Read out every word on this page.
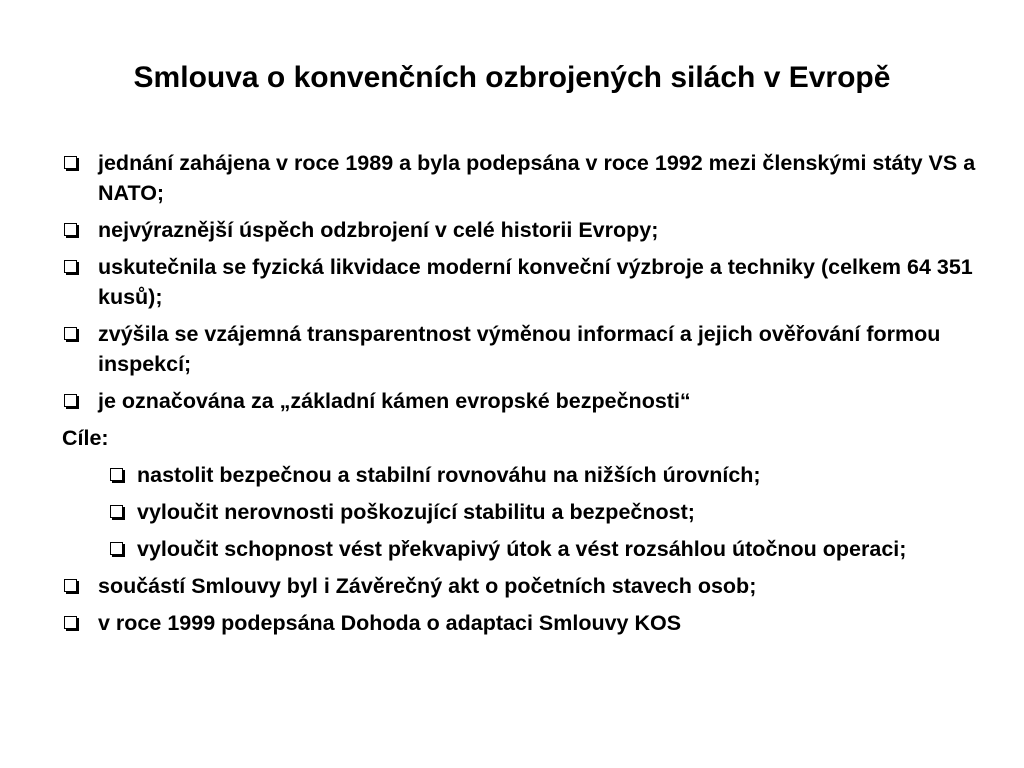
Smlouva o konvenčních ozbrojených silách v Evropě
jednání zahájena v roce 1989 a byla podepsána v roce 1992 mezi členskými státy VS a NATO;
nejvýraznější úspěch odzbrojení v celé historii Evropy;
uskutečnila se fyzická likvidace moderní konveční výzbroje a techniky (celkem 64 351 kusů);
zvýšila se vzájemná transparentnost výměnou informací a jejich ověřování formou inspekcí;
je označována za „základní kámen evropské bezpečnosti“
Cíle:
nastolit bezpečnou a stabilní rovnováhu na nižších úrovních;
vyloučit nerovnosti poškozující stabilitu a bezpečnost;
vyloučit schopnost vést překvapivý útok a vést rozsáhlou útočnou operaci;
součástí Smlouvy byl i Závěrečný akt o početních stavech osob;
v roce 1999 podepsána Dohoda o adaptaci Smlouvy KOS
